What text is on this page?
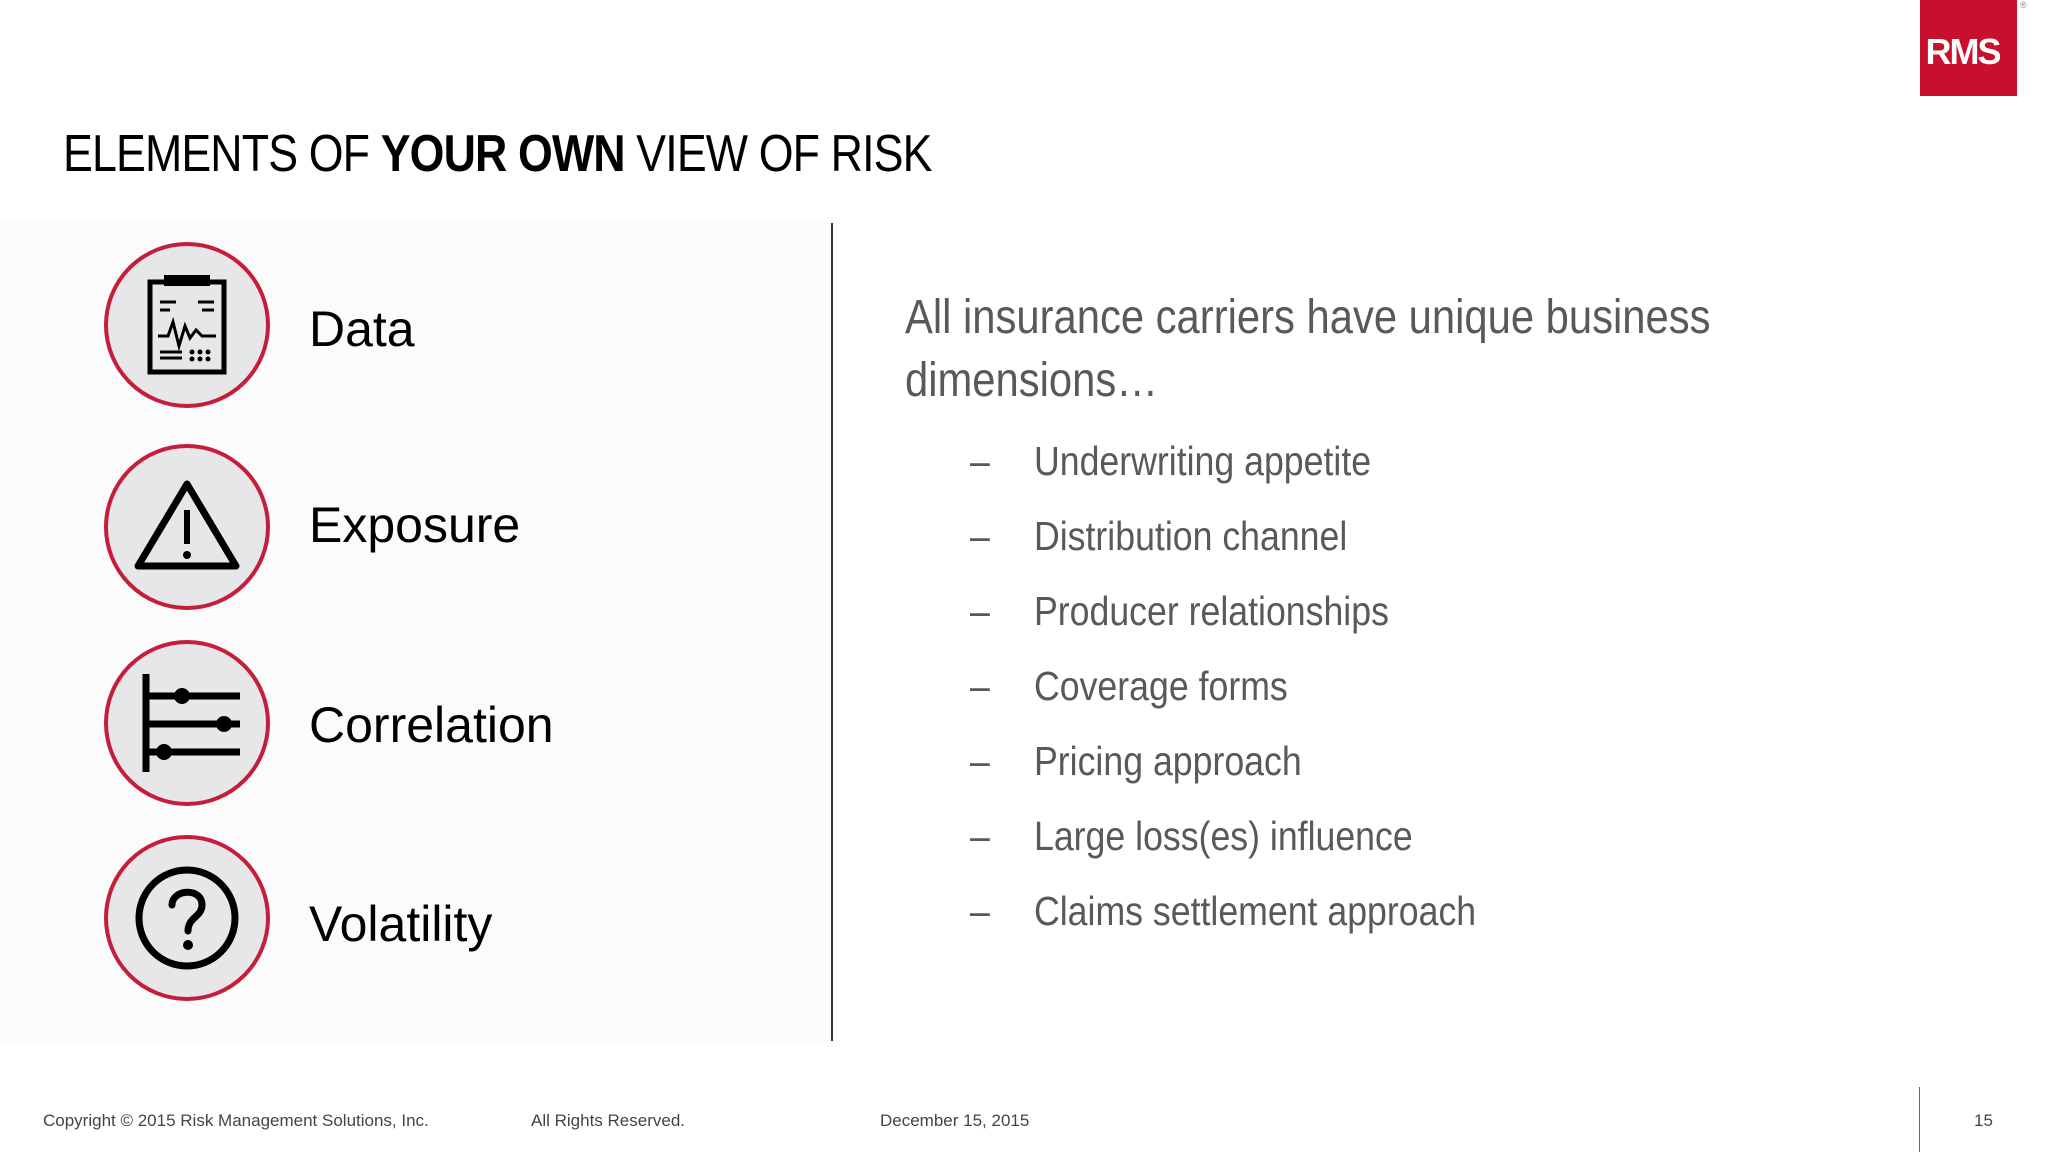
RMS
®
ELEMENTS OF YOUR OWN VIEW OF RISK
Data
Exposure
Correlation
Volatility
All insurance carriers have unique business dimensions…
– Underwriting appetite
– Distribution channel
– Producer relationships
– Coverage forms
– Pricing approach
– Large loss(es) influence
– Claims settlement approach
Copyright © 2015 Risk Management Solutions, Inc.	All Rights Reserved.	December 15, 2015	15
